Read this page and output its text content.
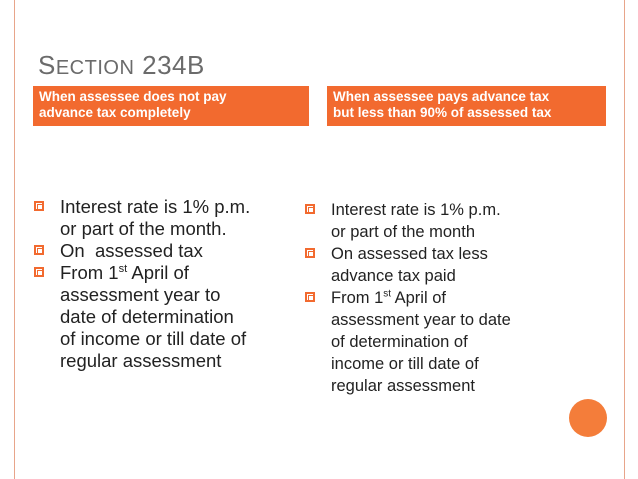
SECTION 234B
When assessee does not pay
advance tax completely
When assessee pays advance tax
but less than 90% of assessed tax
Interest rate is 1% p.m.
or part of the month.
On  assessed tax
From 1st April of
assessment year to
date of determination
of income or till date of
regular assessment
Interest rate is 1% p.m.
or part of the month
On assessed tax less
advance tax paid
From 1st April of
assessment year to date
of determination of
income or till date of
regular assessment
